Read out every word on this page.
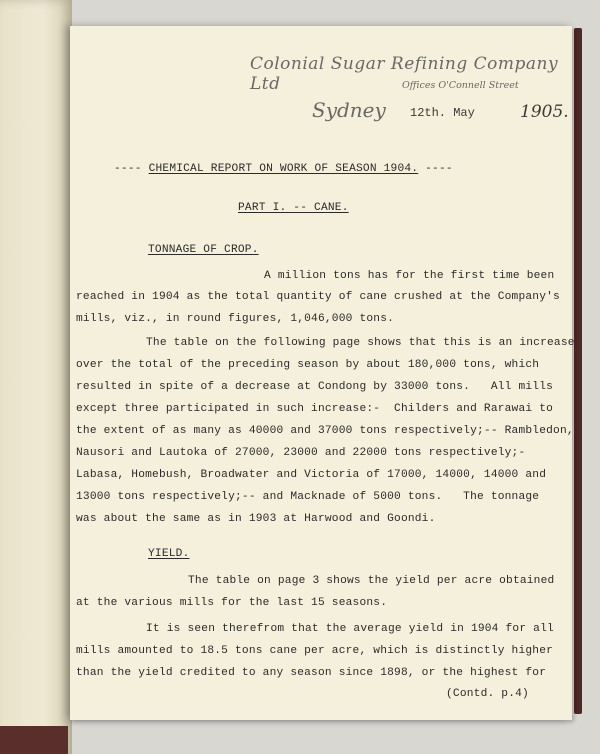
Colonial Sugar Refining Company Ltd	Offices O'Connell Street
Sydney 12th. May	1905.
---- CHEMICAL REPORT ON WORK OF SEASON 1904. ----
PART I. -- CANE.
TONNAGE OF CROP.
A million tons has for the first time been
reached in 1904 as the total quantity of cane crushed at the Company's
mills, viz., in round figures, 1,046,000 tons.
The table on the following page shows that this is an increase
over the total of the preceding season by about 180,000 tons, which
resulted in spite of a decrease at Condong by 33000 tons.   All mills
except three participated in such increase:-  Childers and Rarawai to
the extent of as many as 40000 and 37000 tons respectively;-- Rambledon,
Nausori and Lautoka of 27000, 23000 and 22000 tons respectively;-
Labasa, Homebush, Broadwater and Victoria of 17000, 14000, 14000 and
13000 tons respectively;-- and Macknade of 5000 tons.   The tonnage
was about the same as in 1903 at Harwood and Goondi.
YIELD.
The table on page 3 shows the yield per acre obtained
at the various mills for the last 15 seasons.
It is seen therefrom that the average yield in 1904 for all
mills amounted to 18.5 tons cane per acre, which is distinctly higher
than the yield credited to any season since 1898, or the highest for
(Contd. p.4)
